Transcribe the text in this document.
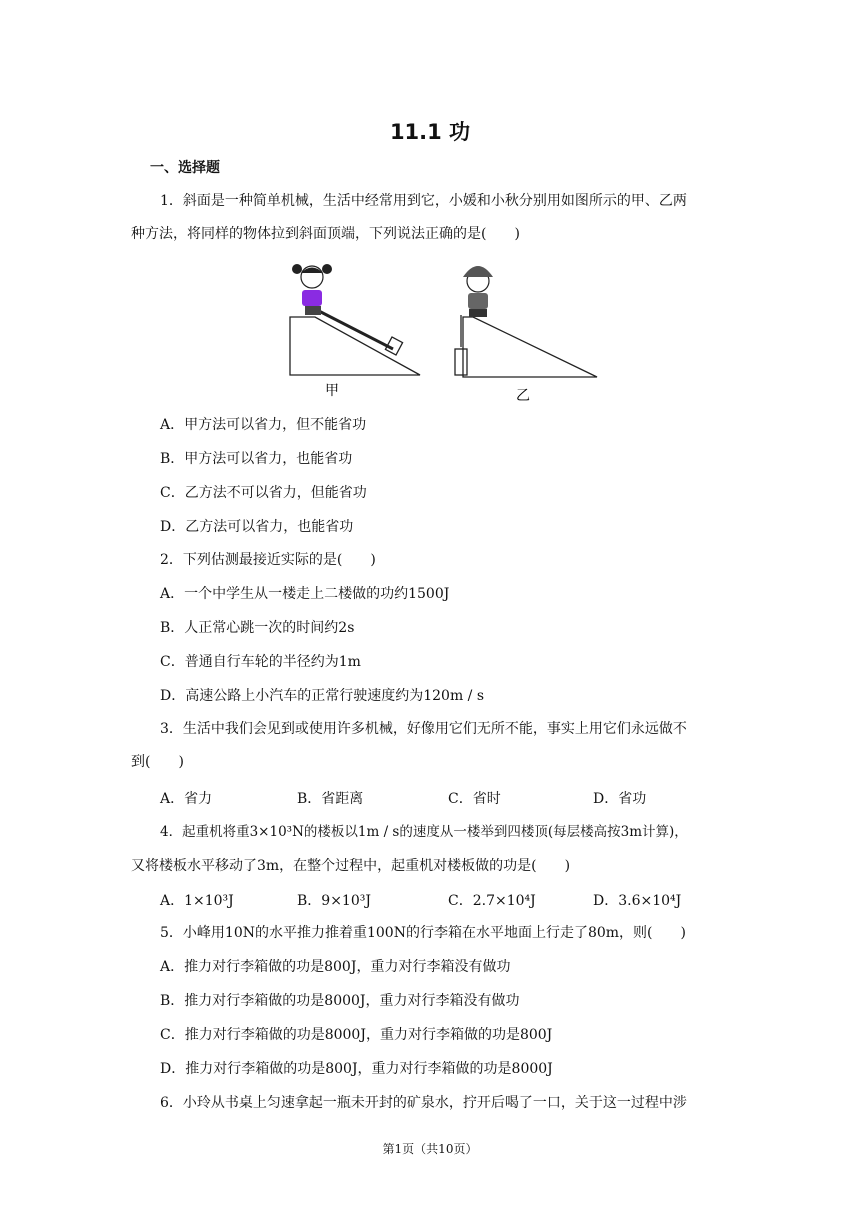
11.1 功
一、选择题
1．斜面是一种简单机械，生活中经常用到它，小媛和小秋分别用如图所示的甲、乙两
种方法，将同样的物体拉到斜面顶端，下列说法正确的是(　　)
甲	乙
A．甲方法可以省力，但不能省功
B．甲方法可以省力，也能省功
C．乙方法不可以省力，但能省功
D．乙方法可以省力，也能省功
2．下列估测最接近实际的是(　　)
A．一个中学生从一楼走上二楼做的功约1500J
B．人正常心跳一次的时间约2s
C．普通自行车轮的半径约为1m
D．高速公路上小汽车的正常行驶速度约为120m / s
3．生活中我们会见到或使用许多机械，好像用它们无所不能，事实上用它们永远做不
到(　　)
A．省力	B．省距离	C．省时	D．省功
4．起重机将重3×10³N的楼板以1m / s的速度从一楼举到四楼顶(每层楼高按3m计算)，
又将楼板水平移动了3m，在整个过程中，起重机对楼板做的功是(　　)
A．1×10³J	B．9×10³J	C．2.7×10⁴J	D．3.6×10⁴J
5．小峰用10N的水平推力推着重100N的行李箱在水平地面上行走了80m，则(　　)
A．推力对行李箱做的功是800J，重力对行李箱没有做功
B．推力对行李箱做的功是8000J，重力对行李箱没有做功
C．推力对行李箱做的功是8000J，重力对行李箱做的功是800J
D．推力对行李箱做的功是800J，重力对行李箱做的功是8000J
6．小玲从书桌上匀速拿起一瓶未开封的矿泉水，拧开后喝了一口，关于这一过程中涉
第1页（共10页）
